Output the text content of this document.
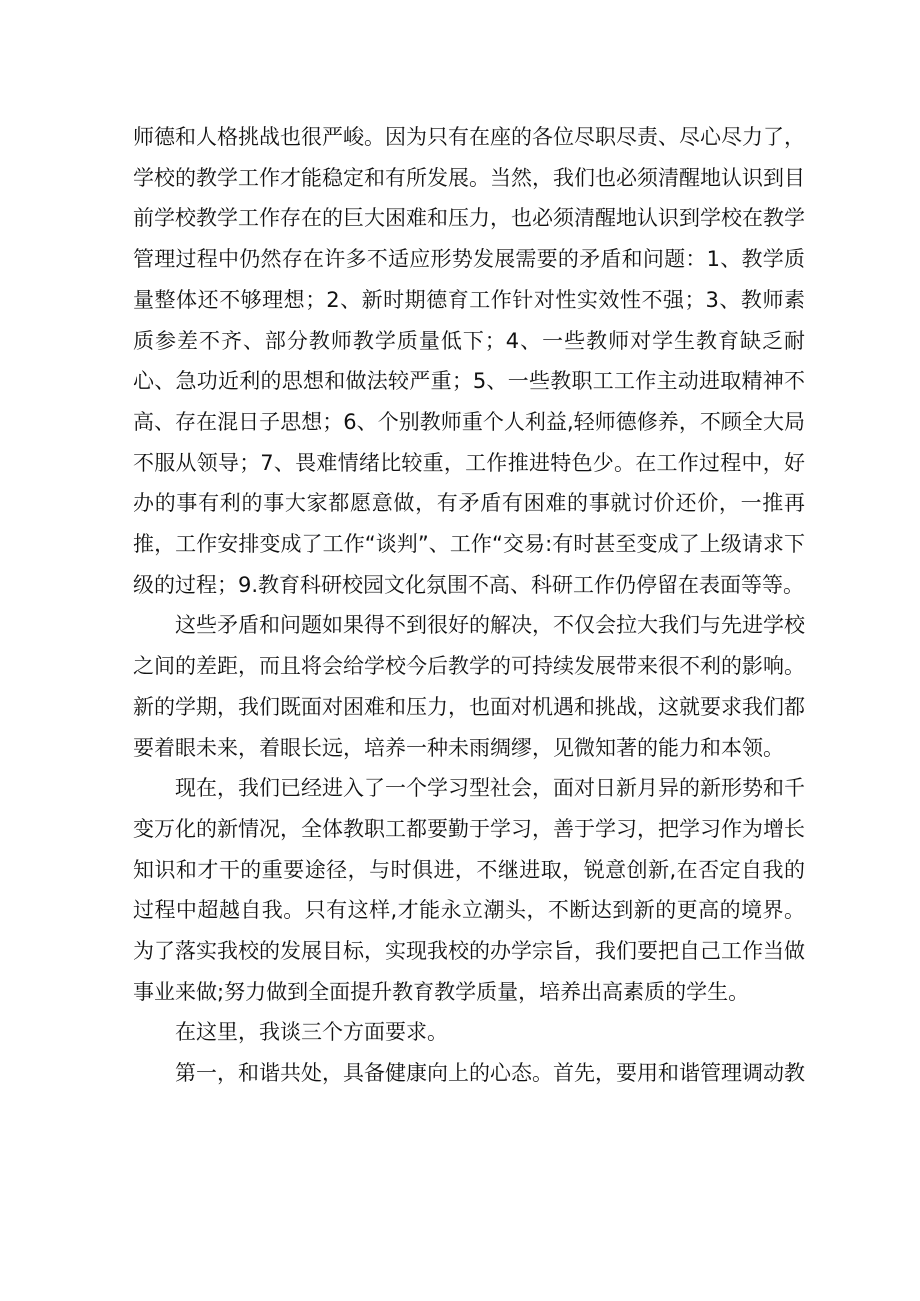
师德和人格挑战也很严峻。因为只有在座的各位尽职尽责、尽心尽力了，学校的教学工作才能稳定和有所发展。当然，我们也必须清醒地认识到目前学校教学工作存在的巨大困难和压力，也必须清醒地认识到学校在教学管理过程中仍然存在许多不适应形势发展需要的矛盾和问题：1、教学质量整体还不够理想；2、新时期德育工作针对性实效性不强；3、教师素质参差不齐、部分教师教学质量低下；4、一些教师对学生教育缺乏耐心、急功近利的思想和做法较严重；5、一些教职工工作主动进取精神不高、存在混日子思想；6、个别教师重个人利益,轻师德修养，不顾全大局不服从领导；7、畏难情绪比较重，工作推进特色少。在工作过程中，好办的事有利的事大家都愿意做，有矛盾有困难的事就讨价还价，一推再推，工作安排变成了工作“谈判”、工作“交易:有时甚至变成了上级请求下级的过程；9.教育科研校园文化氛围不高、科研工作仍停留在表面等等。

这些矛盾和问题如果得不到很好的解决，不仅会拉大我们与先进学校之间的差距，而且将会给学校今后教学的可持续发展带来很不利的影响。新的学期，我们既面对困难和压力，也面对机遇和挑战，这就要求我们都要着眼未来，着眼长远，培养一种未雨绸缪，见微知著的能力和本领。

现在，我们已经进入了一个学习型社会，面对日新月异的新形势和千变万化的新情况，全体教职工都要勤于学习，善于学习，把学习作为增长知识和才干的重要途径，与时俱进，不继进取，锐意创新,在否定自我的过程中超越自我。只有这样,才能永立潮头，不断达到新的更高的境界。为了落实我校的发展目标，实现我校的办学宗旨，我们要把自己工作当做事业来做;努力做到全面提升教育教学质量，培养出高素质的学生。

在这里，我谈三个方面要求。

第一，和谐共处，具备健康向上的心态。首先，要用和谐管理调动教
